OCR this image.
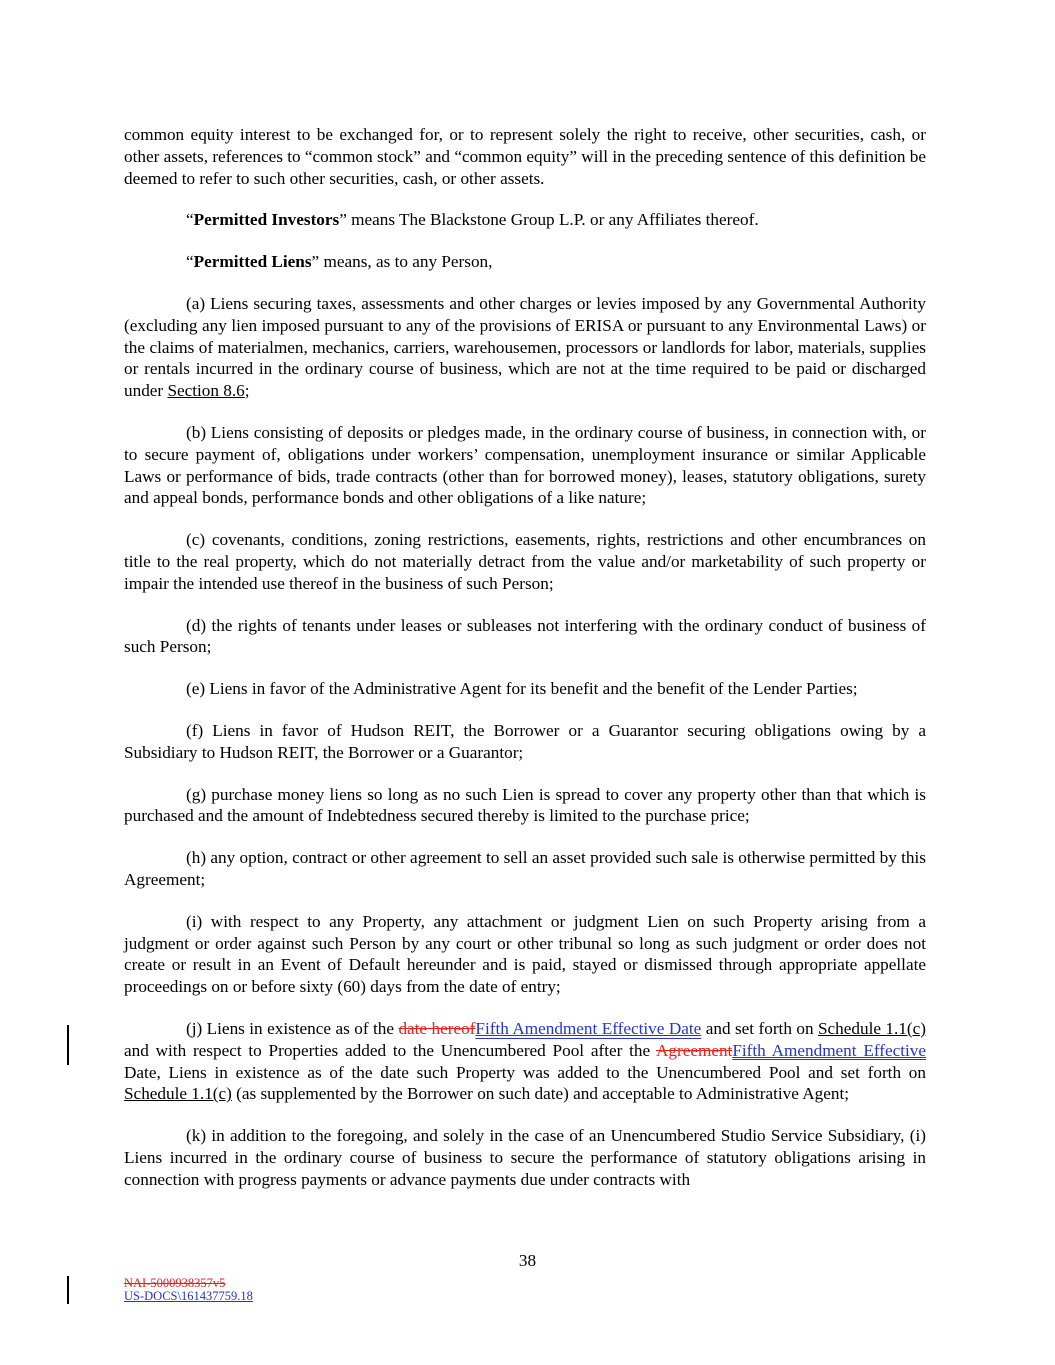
common equity interest to be exchanged for, or to represent solely the right to receive, other securities, cash, or other assets, references to “common stock” and “common equity” will in the preceding sentence of this definition be deemed to refer to such other securities, cash, or other assets.

“Permitted Investors” means The Blackstone Group L.P. or any Affiliates thereof.

“Permitted Liens” means, as to any Person,

(a) Liens securing taxes, assessments and other charges or levies imposed by any Governmental Authority (excluding any lien imposed pursuant to any of the provisions of ERISA or pursuant to any Environmental Laws) or the claims of materialmen, mechanics, carriers, warehousemen, processors or landlords for labor, materials, supplies or rentals incurred in the ordinary course of business, which are not at the time required to be paid or discharged under Section 8.6;

(b) Liens consisting of deposits or pledges made, in the ordinary course of business, in connection with, or to secure payment of, obligations under workers’ compensation, unemployment insurance or similar Applicable Laws or performance of bids, trade contracts (other than for borrowed money), leases, statutory obligations, surety and appeal bonds, performance bonds and other obligations of a like nature;

(c) covenants, conditions, zoning restrictions, easements, rights, restrictions and other encumbrances on title to the real property, which do not materially detract from the value and/or marketability of such property or impair the intended use thereof in the business of such Person;

(d) the rights of tenants under leases or subleases not interfering with the ordinary conduct of business of such Person;

(e) Liens in favor of the Administrative Agent for its benefit and the benefit of the Lender Parties;

(f) Liens in favor of Hudson REIT, the Borrower or a Guarantor securing obligations owing by a Subsidiary to Hudson REIT, the Borrower or a Guarantor;

(g) purchase money liens so long as no such Lien is spread to cover any property other than that which is purchased and the amount of Indebtedness secured thereby is limited to the purchase price;

(h) any option, contract or other agreement to sell an asset provided such sale is otherwise permitted by this Agreement;

(i) with respect to any Property, any attachment or judgment Lien on such Property arising from a judgment or order against such Person by any court or other tribunal so long as such judgment or order does not create or result in an Event of Default hereunder and is paid, stayed or dismissed through appropriate appellate proceedings on or before sixty (60) days from the date of entry;

(j) Liens in existence as of the date hereofFifth Amendment Effective Date and set forth on Schedule 1.1(c) and with respect to Properties added to the Unencumbered Pool after the AgreementFifth Amendment Effective Date, Liens in existence as of the date such Property was added to the Unencumbered Pool and set forth on Schedule 1.1(c) (as supplemented by the Borrower on such date) and acceptable to Administrative Agent;

(k) in addition to the foregoing, and solely in the case of an Unencumbered Studio Service Subsidiary, (i) Liens incurred in the ordinary course of business to secure the performance of statutory obligations arising in connection with progress payments or advance payments due under contracts with

38
NAI-5000938357v5
US-DOCS\161437759.18
